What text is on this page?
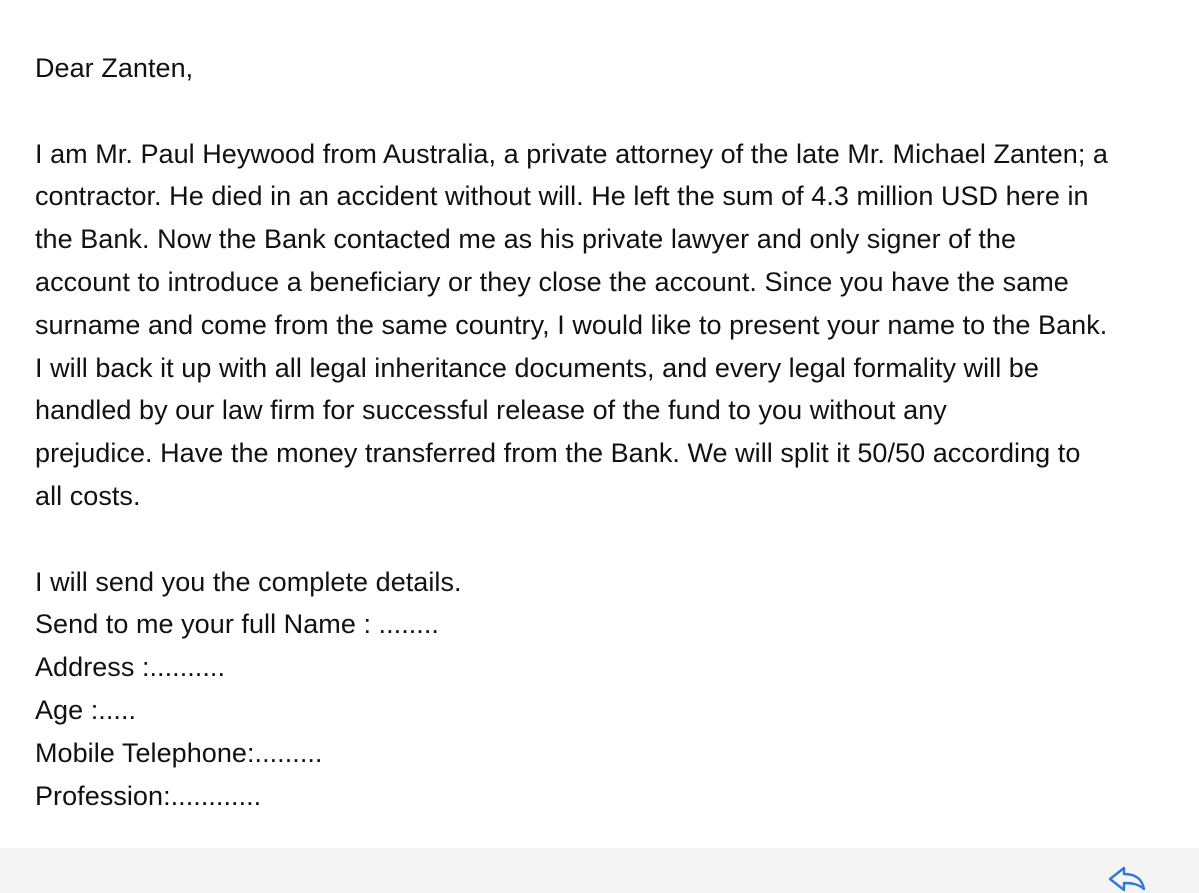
Dear Zanten,
I am Mr. Paul Heywood from Australia, a private attorney of the late Mr. Michael Zanten; a
contractor. He died in an accident without will. He left the sum of 4.3 million USD here in
the Bank. Now the Bank contacted me as his private lawyer and only signer of the
account to introduce a beneficiary or they close the account. Since you have the same
surname and come from the same country, I would like to present your name to the Bank.
I will back it up with all legal inheritance documents, and every legal formality will be
handled by our law firm for successful release of the fund to you without any
prejudice. Have the money transferred from the Bank. We will split it 50/50 according to
all costs.
I will send you the complete details.
Send to me your full Name : ........
Address :..........
Age :.....
Mobile Telephone:.........
Profession:............
